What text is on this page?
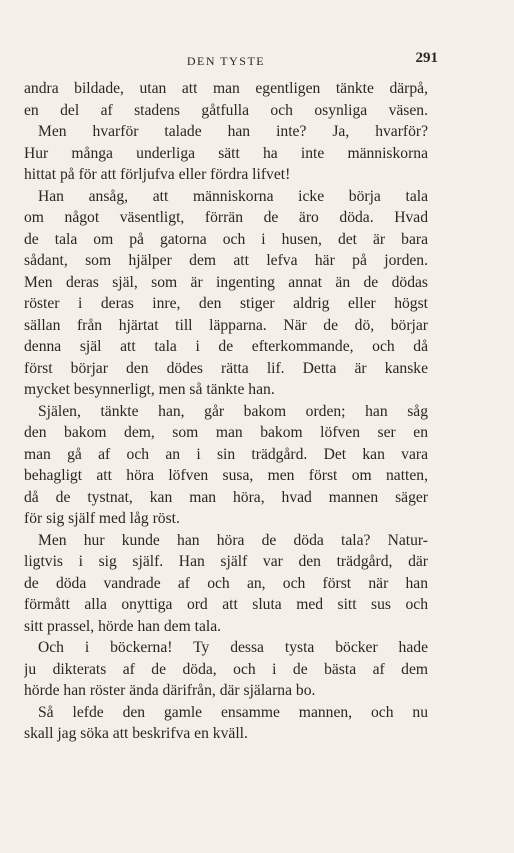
DEN TYSTE	291
andra bildade, utan att man egentligen tänkte därpå,
en del af stadens gåtfulla och osynliga väsen.
Men hvarför talade han inte? Ja, hvarför?
Hur många underliga sätt ha inte människorna
hittat på för att förljufva eller fördra lifvet!
Han ansåg, att människorna icke börja tala
om något väsentligt, förrän de äro döda. Hvad
de tala om på gatorna och i husen, det är bara
sådant, som hjälper dem att lefva här på jorden.
Men deras själ, som är ingenting annat än de dödas
röster i deras inre, den stiger aldrig eller högst
sällan från hjärtat till läpparna. När de dö, börjar
denna själ att tala i de efterkommande, och då
först börjar den dödes rätta lif. Detta är kanske
mycket besynnerligt, men så tänkte han.
Själen, tänkte han, går bakom orden; han såg
den bakom dem, som man bakom löfven ser en
man gå af och an i sin trädgård. Det kan vara
behagligt att höra löfven susa, men först om natten,
då de tystnat, kan man höra, hvad mannen säger
för sig själf med låg röst.
Men hur kunde han höra de döda tala? Natur-
ligtvis i sig själf. Han själf var den trädgård, där
de döda vandrade af och an, och först när han
förmått alla onyttiga ord att sluta med sitt sus och
sitt prassel, hörde han dem tala.
Och i böckerna! Ty dessa tysta böcker hade
ju dikterats af de döda, och i de bästa af dem
hörde han röster ända därifrån, där själarna bo.
Så lefde den gamle ensamme mannen, och nu
skall jag söka att beskrifva en kväll.
